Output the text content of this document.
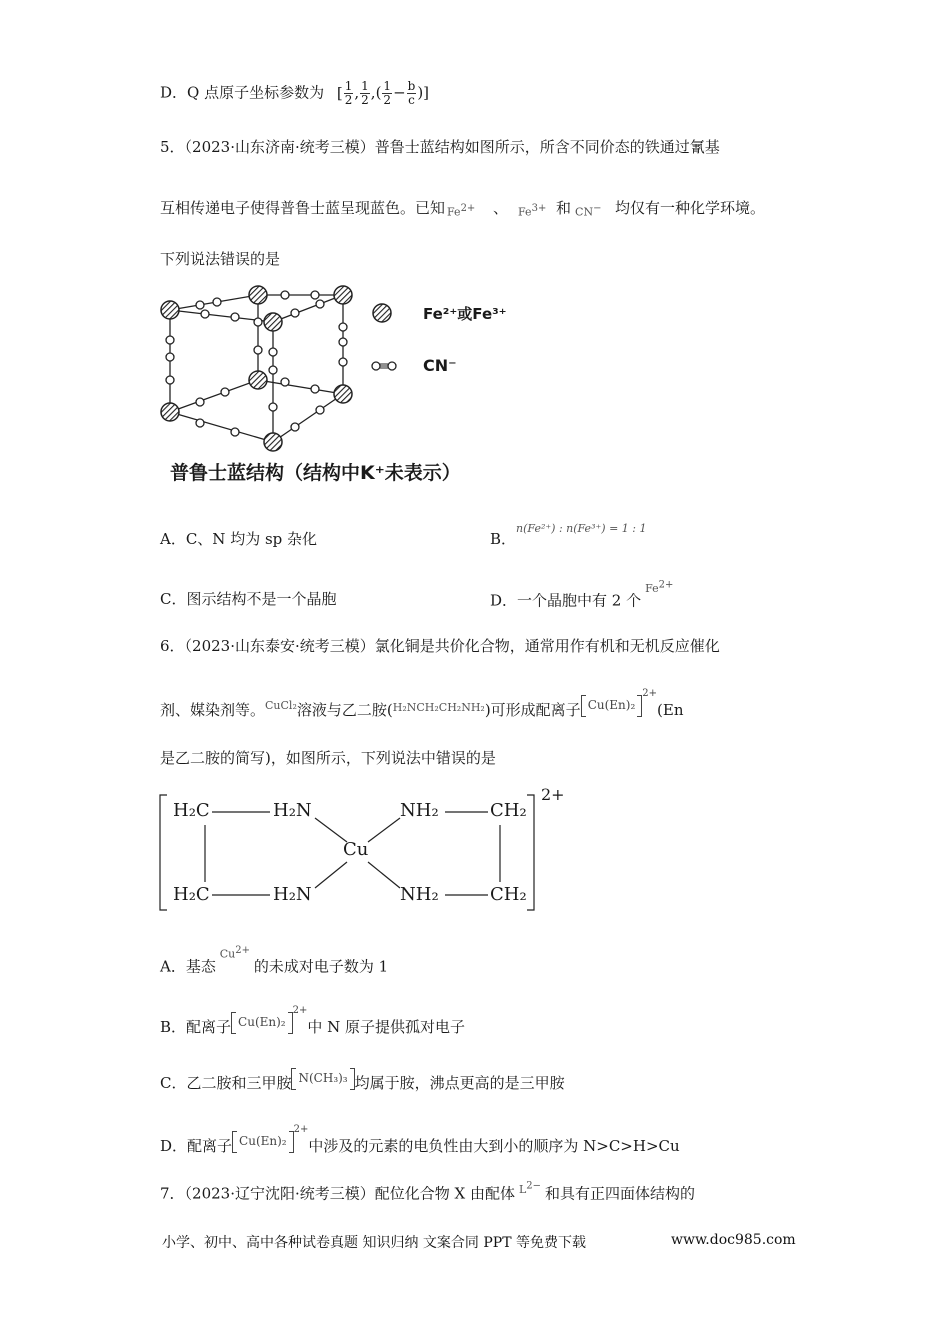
D．Q 点原子坐标参数为 [ $\frac{1}{2}$ , $\frac{1}{2}$ ,( $\frac{1}{2} - \frac{b}{c}$ )]
5．（2023·山东济南·统考三模）普鲁士蓝结构如图所示，所含不同价态的铁通过氰基
互相传递电子使得普鲁士蓝呈现蓝色。已知 $Fe^{2+}$ 、 $Fe^{3+}$ 和 CN− 均仅有一种化学环境。
下列说法错误的是
Fe²⁺或Fe³⁺
CN⁻
普鲁士蓝结构（结构中K⁺未表示）
A．C、N 均为 sp 杂化	B．$^{n(Fe^{2+}) : n(Fe^{3+}) = 1 : 1}$
C．图示结构不是一个晶胞	D．一个晶胞中有 2 个$^{Fe^{2+}}$
6．（2023·山东泰安·统考三模）氯化铜是共价化合物，通常用作有机和无机反应催化
剂、媒染剂等。$^{CuCl_2}$溶液与乙二胺($^{H_2NCH_2CH_2NH_2}$)可形成配离子 Cu(En)₂$^{2+}$(En
是乙二胺的简写)，如图所示，下列说法中错误的是
H₂C	H₂N	NH₂	CH₂
Cu
H₂C	H₂N	NH₂	CH₂
2+
A．基态$Cu^{2+}$的未成对电子数为 1
B．配离子 Cu(En)₂$^{2+}$中 N 原子提供孤对电子
C．乙二胺和三甲胺 N(CH₃)₃ 均属于胺，沸点更高的是三甲胺
D．配离子 Cu(En)₂$^{2+}$中涉及的元素的电负性由大到小的顺序为 N>C>H>Cu
7．（2023·辽宁沈阳·统考三模）配位化合物 X 由配体 $^{L^{2-}}$ 和具有正四面体结构的
小学、初中、高中各种试卷真题 知识归纳 文案合同 PPT 等免费下载	www.doc985.com
